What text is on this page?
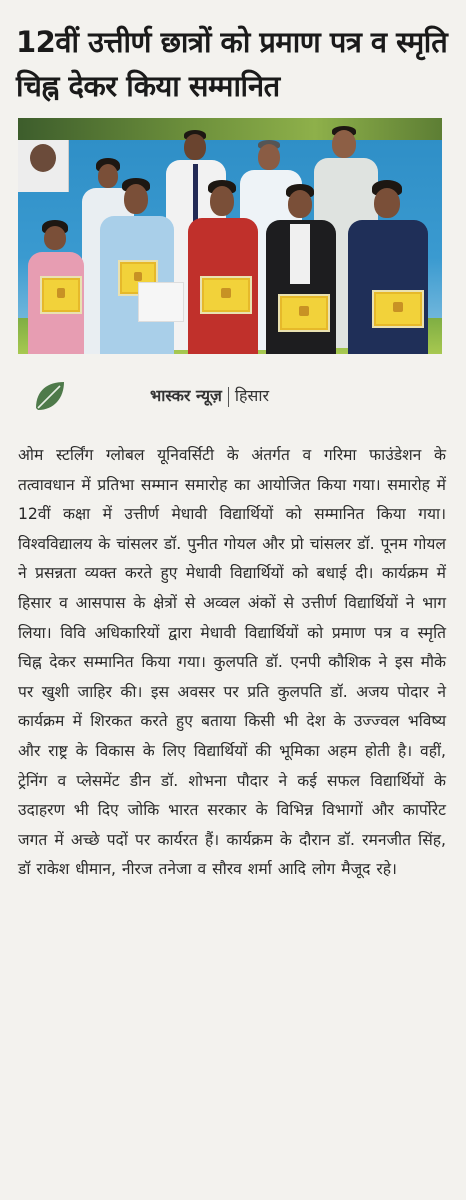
12वीं उत्तीर्ण छात्रों को प्रमाण पत्र व स्मृति चिह्न देकर किया सम्मानित
भास्कर न्यूज़ हिसार

ओम स्टर्लिंग ग्लोबल यूनिवर्सिटी के अंतर्गत व गरिमा फाउंडेशन के तत्वावधान में प्रतिभा सम्मान समारोह का आयोजित किया गया। समारोह में 12वीं कक्षा में उत्तीर्ण मेधावी विद्यार्थियों को सम्मानित किया गया। विश्वविद्यालय के चांसलर डॉ. पुनीत गोयल और प्रो चांसलर डॉ. पूनम गोयल ने प्रसन्नता व्यक्त करते हुए मेधावी विद्यार्थियों को बधाई दी। कार्यक्रम में हिसार व आसपास के क्षेत्रों से अव्वल अंकों से उत्तीर्ण विद्यार्थियों ने भाग लिया। विवि अधिकारियों द्वारा मेधावी विद्यार्थियों को प्रमाण पत्र व स्मृति चिह्न देकर सम्मानित किया गया। कुलपति डॉ. एनपी कौशिक ने इस मौके पर खुशी जाहिर की। इस अवसर पर प्रति कुलपति डॉ. अजय पोदार ने कार्यक्रम में शिरकत करते हुए बताया किसी भी देश के उज्ज्वल भविष्य और राष्ट्र के विकास के लिए विद्यार्थियों की भूमिका अहम होती है। वहीं, ट्रेनिंग व प्लेसमेंट डीन डॉ. शोभना पौदार ने कई सफल विद्यार्थियों के उदाहरण भी दिए जोकि भारत सरकार के विभिन्न विभागों और कार्पोरेट जगत में अच्छे पदों पर कार्यरत हैं। कार्यक्रम के दौरान डॉ. रमनजीत सिंह, डॉ राकेश धीमान, नीरज तनेजा व सौरव शर्मा आदि लोग मैजूद रहे।
